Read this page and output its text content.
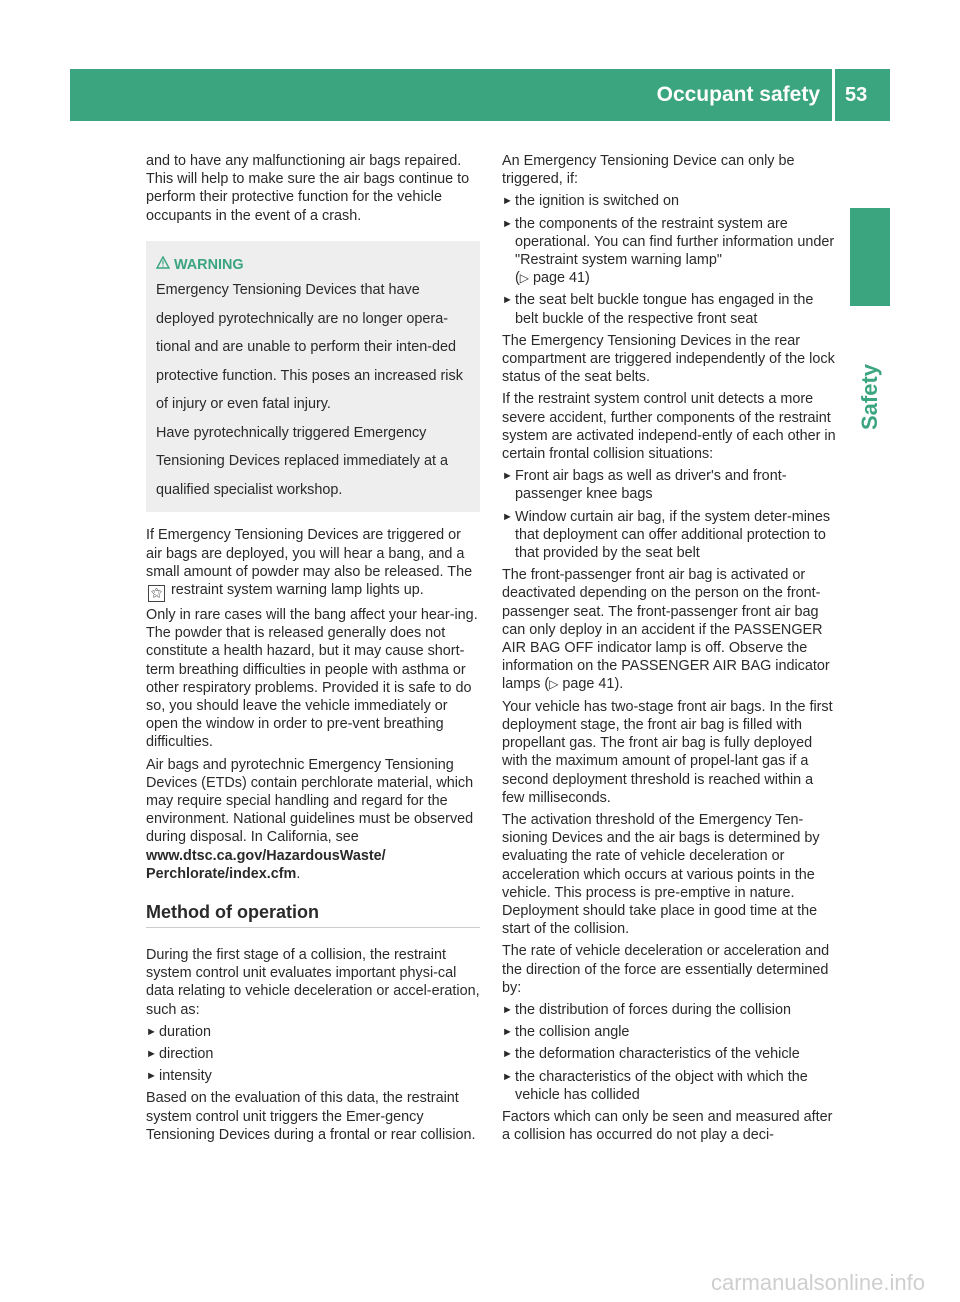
Occupant safety 53
Safety

and to have any malfunctioning air bags repaired. This will help to make sure the air bags continue to perform their protective function for the vehicle occupants in the event of a crash.

WARNING

Emergency Tensioning Devices that have deployed pyrotechnically are no longer opera-tional and are unable to perform their inten-ded protective function. This poses an increased risk of injury or even fatal injury.

Have pyrotechnically triggered Emergency Tensioning Devices replaced immediately at a qualified specialist workshop.

If Emergency Tensioning Devices are triggered or air bags are deployed, you will hear a bang, and a small amount of powder may also be released. The ⚝ restraint system warning lamp lights up.

Only in rare cases will the bang affect your hear-ing. The powder that is released generally does not constitute a health hazard, but it may cause short-term breathing difficulties in people with asthma or other respiratory problems. Provided it is safe to do so, you should leave the vehicle immediately or open the window in order to pre-vent breathing difficulties.

Air bags and pyrotechnic Emergency Tensioning Devices (ETDs) contain perchlorate material, which may require special handling and regard for the environment. National guidelines must be observed during disposal. In California, see www.dtsc.ca.gov/HazardousWaste/ Perchlorate/index.cfm.

Method of operation

During the first stage of a collision, the restraint system control unit evaluates important physi-cal data relating to vehicle deceleration or accel-eration, such as:

► duration
► direction
► intensity

Based on the evaluation of this data, the restraint system control unit triggers the Emer-gency Tensioning Devices during a frontal or rear collision.

An Emergency Tensioning Device can only be triggered, if:

► the ignition is switched on
► the components of the restraint system are operational. You can find further information under "Restraint system warning lamp"
(▷ page 41)
► the seat belt buckle tongue has engaged in the belt buckle of the respective front seat

The Emergency Tensioning Devices in the rear compartment are triggered independently of the lock status of the seat belts.

If the restraint system control unit detects a more severe accident, further components of the restraint system are activated independ-ently of each other in certain frontal collision situations:

► Front air bags as well as driver's and front-passenger knee bags
► Window curtain air bag, if the system deter-mines that deployment can offer additional protection to that provided by the seat belt

The front-passenger front air bag is activated or deactivated depending on the person on the front-passenger seat. The front-passenger front air bag can only deploy in an accident if the PASSENGER AIR BAG OFF indicator lamp is off. Observe the information on the PASSENGER AIR BAG indicator lamps (▷ page 41).

Your vehicle has two-stage front air bags. In the first deployment stage, the front air bag is filled with propellant gas. The front air bag is fully deployed with the maximum amount of propel-lant gas if a second deployment threshold is reached within a few milliseconds.

The activation threshold of the Emergency Ten-sioning Devices and the air bags is determined by evaluating the rate of vehicle deceleration or acceleration which occurs at various points in the vehicle. This process is pre-emptive in nature. Deployment should take place in good time at the start of the collision.

The rate of vehicle deceleration or acceleration and the direction of the force are essentially determined by:

► the distribution of forces during the collision
► the collision angle
► the deformation characteristics of the vehicle
► the characteristics of the object with which the vehicle has collided

Factors which can only be seen and measured after a collision has occurred do not play a deci-

carmanualsonline.info
